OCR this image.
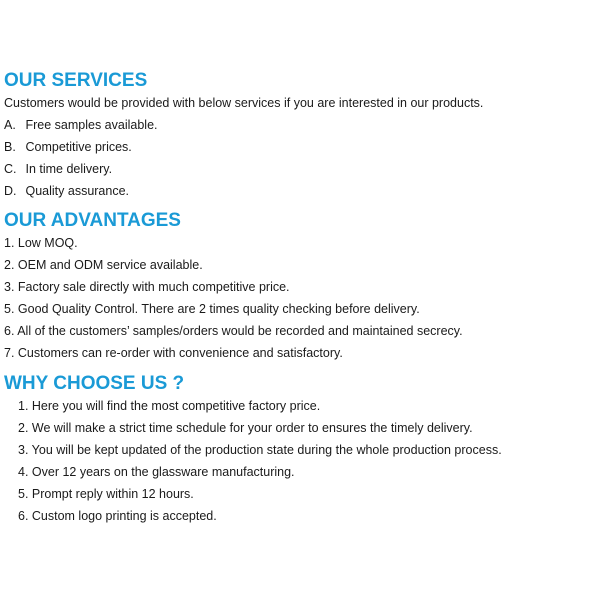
OUR SERVICES

Customers would be provided with below services if you are interested in our products.

A. Free samples available.

B. Competitive prices.

C. In time delivery.

D. Quality assurance.

OUR ADVANTAGES

1. Low MOQ.

2. OEM and ODM service available.

3. Factory sale directly with much competitive price.

5. Good Quality Control. There are 2 times quality checking before delivery.

6. All of the customers’ samples/orders would be recorded and maintained secrecy.

7. Customers can re-order with convenience and satisfactory.

WHY CHOOSE US ?

1. Here you will find the most competitive factory price.

2. We will make a strict time schedule for your order to ensures the timely delivery.

3. You will be kept updated of the production state during the whole production process.

4. Over 12 years on the glassware manufacturing.

5. Prompt reply within 12 hours.

6. Custom logo printing is accepted.
